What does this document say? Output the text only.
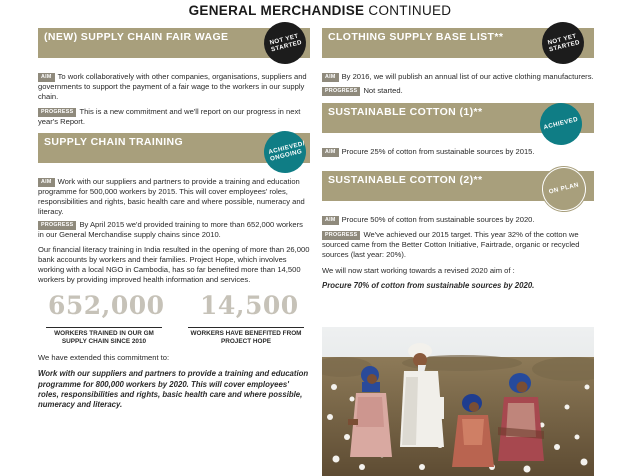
GENERAL MERCHANDISE CONTINUED
(NEW) SUPPLY CHAIN FAIR WAGE	NOT YET STARTED

AIM To work collaboratively with other companies, organisations, suppliers and governments to support the payment of a fair wage to the workers in our supply chain.

PROGRESS This is a new commitment and we'll report on our progress in next year's Report.

SUPPLY CHAIN TRAINING	ACHIEVED/ ONGOING

AIM Work with our suppliers and partners to provide a training and education programme for 500,000 workers by 2015. This will cover employees' roles, responsibilities and rights, basic health care and where possible, numeracy and literacy.

PROGRESS By April 2015 we'd provided training to more than 652,000 workers in our General Merchandise supply chains since 2010.

Our financial literacy training in India resulted in the opening of more than 26,000 bank accounts by workers and their families. Project Hope, which involves working with a local NGO in Cambodia, has so far benefited more than 14,500 workers by providing improved health information and services.

652,000
WORKERS TRAINED IN OUR GM SUPPLY CHAIN SINCE 2010
14,500
WORKERS HAVE BENEFITED FROM PROJECT HOPE

We have extended this commitment to:

Work with our suppliers and partners to provide a training and education programme for 800,000 workers by 2020. This will cover employees' roles, responsibilities and rights, basic health care and where possible, numeracy and literacy.

CLOTHING SUPPLY BASE LIST**	NOT YET STARTED

AIM By 2016, we will publish an annual list of our active clothing manufacturers.

PROGRESS Not started.

SUSTAINABLE COTTON (1)**
ACHIEVED

AIM Procure 25% of cotton from sustainable sources by 2015.

SUSTAINABLE COTTON (2)**
ON PLAN

AIM Procure 50% of cotton from sustainable sources by 2020.

PROGRESS We've achieved our 2015 target. This year 32% of the cotton we sourced came from the Better Cotton Initiative, Fairtrade, organic or recycled sources (last year: 20%).

We will now start working towards a revised 2020 aim of :

Procure 70% of cotton from sustainable sources by 2020.
